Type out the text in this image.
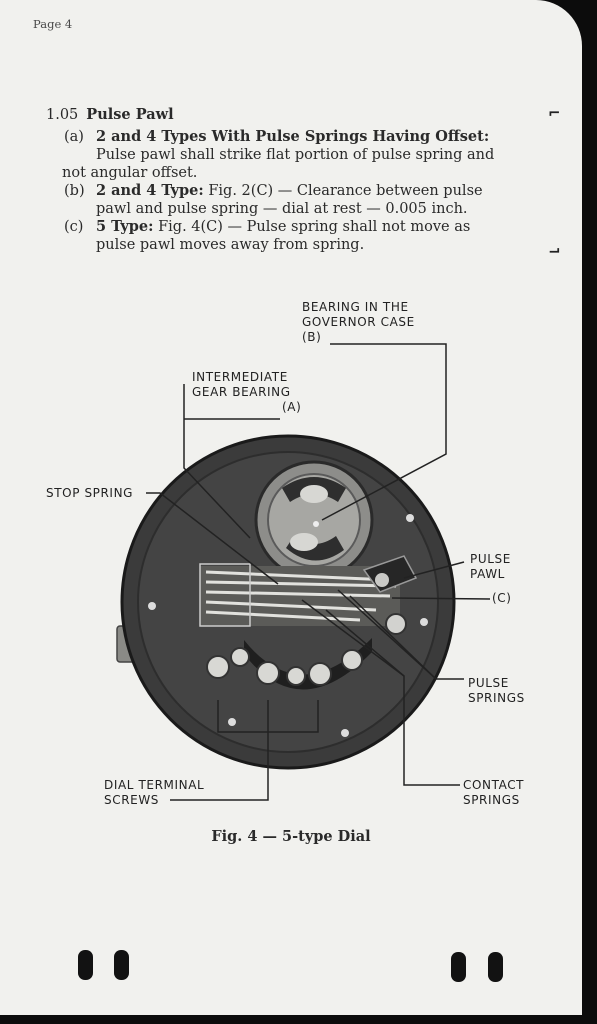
Page 4
1.05 Pulse Pawl

(a) 2 and 4 Types With Pulse Springs Having Offset:
Pulse pawl shall strike flat portion of pulse spring and
not angular offset.

(b) 2 and 4 Type: Fig. 2(C) — Clearance between pulse
pawl and pulse spring — dial at rest — 0.005 inch.

(c) 5 Type: Fig. 4(C) — Pulse spring shall not move as
pulse pawl moves away from spring.

⌐
⌐
BEARING IN THE
GOVERNOR CASE
(B)
INTERMEDIATE
GEAR BEARING
(A)
STOP SPRING
PULSE
PAWL
(C)
PULSE
SPRINGS
DIAL TERMINAL
SCREWS
CONTACT
SPRINGS
Fig. 4 — 5-type Dial
